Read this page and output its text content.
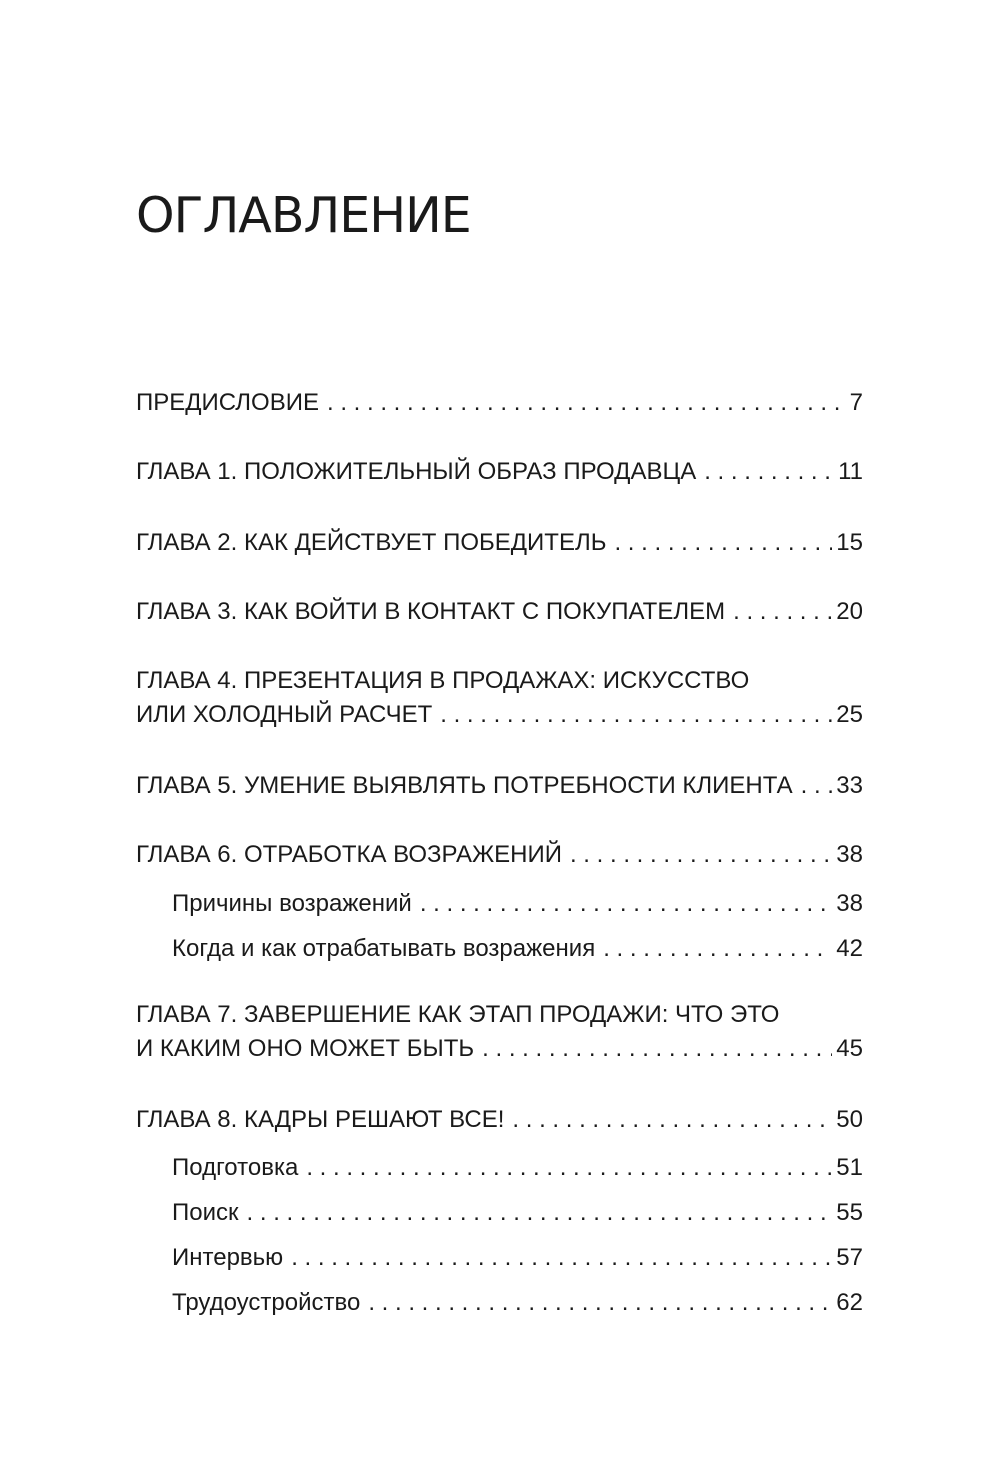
ОГЛАВЛЕНИЕ
ПРЕДИСЛОВИЕ . . .	7
ГЛАВА 1. ПОЛОЖИТЕЛЬНЫЙ ОБРАЗ ПРОДАВЦА . . .	11
ГЛАВА 2. КАК ДЕЙСТВУЕТ ПОБЕДИТЕЛЬ . . .	15
ГЛАВА 3. КАК ВОЙТИ В КОНТАКТ С ПОКУПАТЕЛЕМ . . .	20
ГЛАВА 4. ПРЕЗЕНТАЦИЯ В ПРОДАЖАХ: ИСКУССТВО
ИЛИ ХОЛОДНЫЙ РАСЧЕТ . . .	25
ГЛАВА 5. УМЕНИЕ ВЫЯВЛЯТЬ ПОТРЕБНОСТИ КЛИЕНТА . . .	33
ГЛАВА 6. ОТРАБОТКА ВОЗРАЖЕНИЙ . . .	38
Причины возражений . . .	38
Когда и как отрабатывать возражения . . .	42
ГЛАВА 7. ЗАВЕРШЕНИЕ КАК ЭТАП ПРОДАЖИ: ЧТО ЭТО
И КАКИМ ОНО МОЖЕТ БЫТЬ . . .	45
ГЛАВА 8. КАДРЫ РЕШАЮТ ВСЕ! . . .	50
Подготовка . . .	51
Поиск . . .	55
Интервью . . .	57
Трудоустройство . . .	62
